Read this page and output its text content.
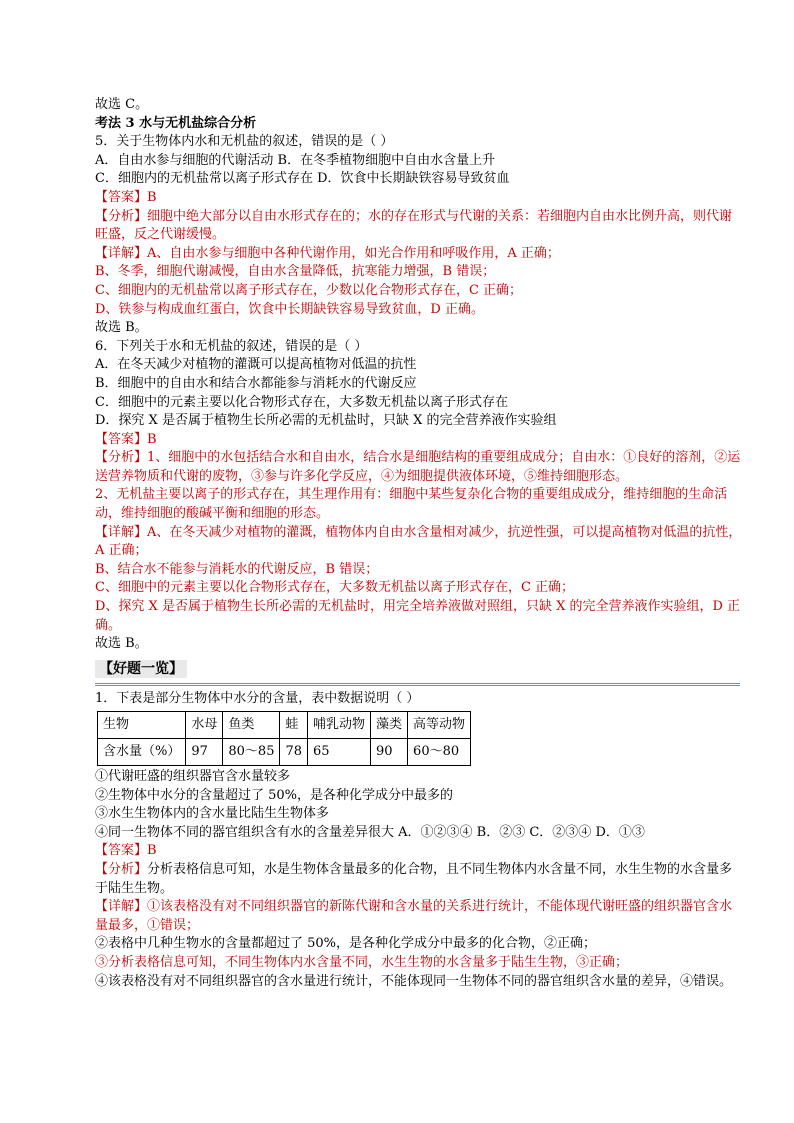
故选 C。

考法 3 水与无机盐综合分析

5．关于生物体内水和无机盐的叙述，错误的是（ ）

A．自由水参与细胞的代谢活动 B．在冬季植物细胞中自由水含量上升

C．细胞内的无机盐常以离子形式存在 D．饮食中长期缺铁容易导致贫血

【答案】B

【分析】细胞中绝大部分以自由水形式存在的；水的存在形式与代谢的关系：若细胞内自由水比例升高，则代谢旺盛，反之代谢缓慢。

【详解】A、自由水参与细胞中各种代谢作用，如光合作用和呼吸作用，A 正确；

B、冬季，细胞代谢减慢，自由水含量降低，抗寒能力增强，B 错误；

C、细胞内的无机盐常以离子形式存在，少数以化合物形式存在，C 正确；

D、铁参与构成血红蛋白，饮食中长期缺铁容易导致贫血，D 正确。

故选 B。

6．下列关于水和无机盐的叙述，错误的是（ ）

A．在冬天减少对植物的灌溉可以提高植物对低温的抗性

B．细胞中的自由水和结合水都能参与消耗水的代谢反应

C．细胞中的元素主要以化合物形式存在，大多数无机盐以离子形式存在

D．探究 X 是否属于植物生长所必需的无机盐时，只缺 X 的完全营养液作实验组

【答案】B

【分析】1、细胞中的水包括结合水和自由水，结合水是细胞结构的重要组成成分；自由水：①良好的溶剂，②运送营养物质和代谢的废物，③参与许多化学反应，④为细胞提供液体环境，⑤维持细胞形态。

2、无机盐主要以离子的形式存在，其生理作用有：细胞中某些复杂化合物的重要组成成分，维持细胞的生命活动，维持细胞的酸碱平衡和细胞的形态。

【详解】A、在冬天减少对植物的灌溉，植物体内自由水含量相对减少，抗逆性强，可以提高植物对低温的抗性，A 正确；

B、结合水不能参与消耗水的代谢反应，B 错误；

C、细胞中的元素主要以化合物形式存在，大多数无机盐以离子形式存在，C 正确；

D、探究 X 是否属于植物生长所必需的无机盐时，用完全培养液做对照组，只缺 X 的完全营养液作实验组，D 正确。

故选 B。

【好题一览】

1．下表是部分生物体中水分的含量，表中数据说明（ ）

生物	水母	鱼类	蛙	哺乳动物	藻类	高等动物
含水量（%）	97	80～85	78	65	90	60～80

①代谢旺盛的组织器官含水量较多

②生物体中水分的含量超过了 50%，是各种化学成分中最多的

③水生生物体内的含水量比陆生生物体多

④同一生物体不同的器官组织含有水的含量差异很大 A．①②③④ B．②③ C．②③④ D．①③

【答案】B

【分析】分析表格信息可知，水是生物体含量最多的化合物，且不同生物体内水含量不同，水生生物的水含量多于陆生生物。

【详解】①该表格没有对不同组织器官的新陈代谢和含水量的关系进行统计，不能体现代谢旺盛的组织器官含水量最多，①错误；

②表格中几种生物水的含量都超过了 50%，是各种化学成分中最多的化合物，②正确；

③分析表格信息可知，不同生物体内水含量不同，水生生物的水含量多于陆生生物，③正确；

④该表格没有对不同组织器官的含水量进行统计，不能体现同一生物体不同的器官组织含水量的差异，④错误。
